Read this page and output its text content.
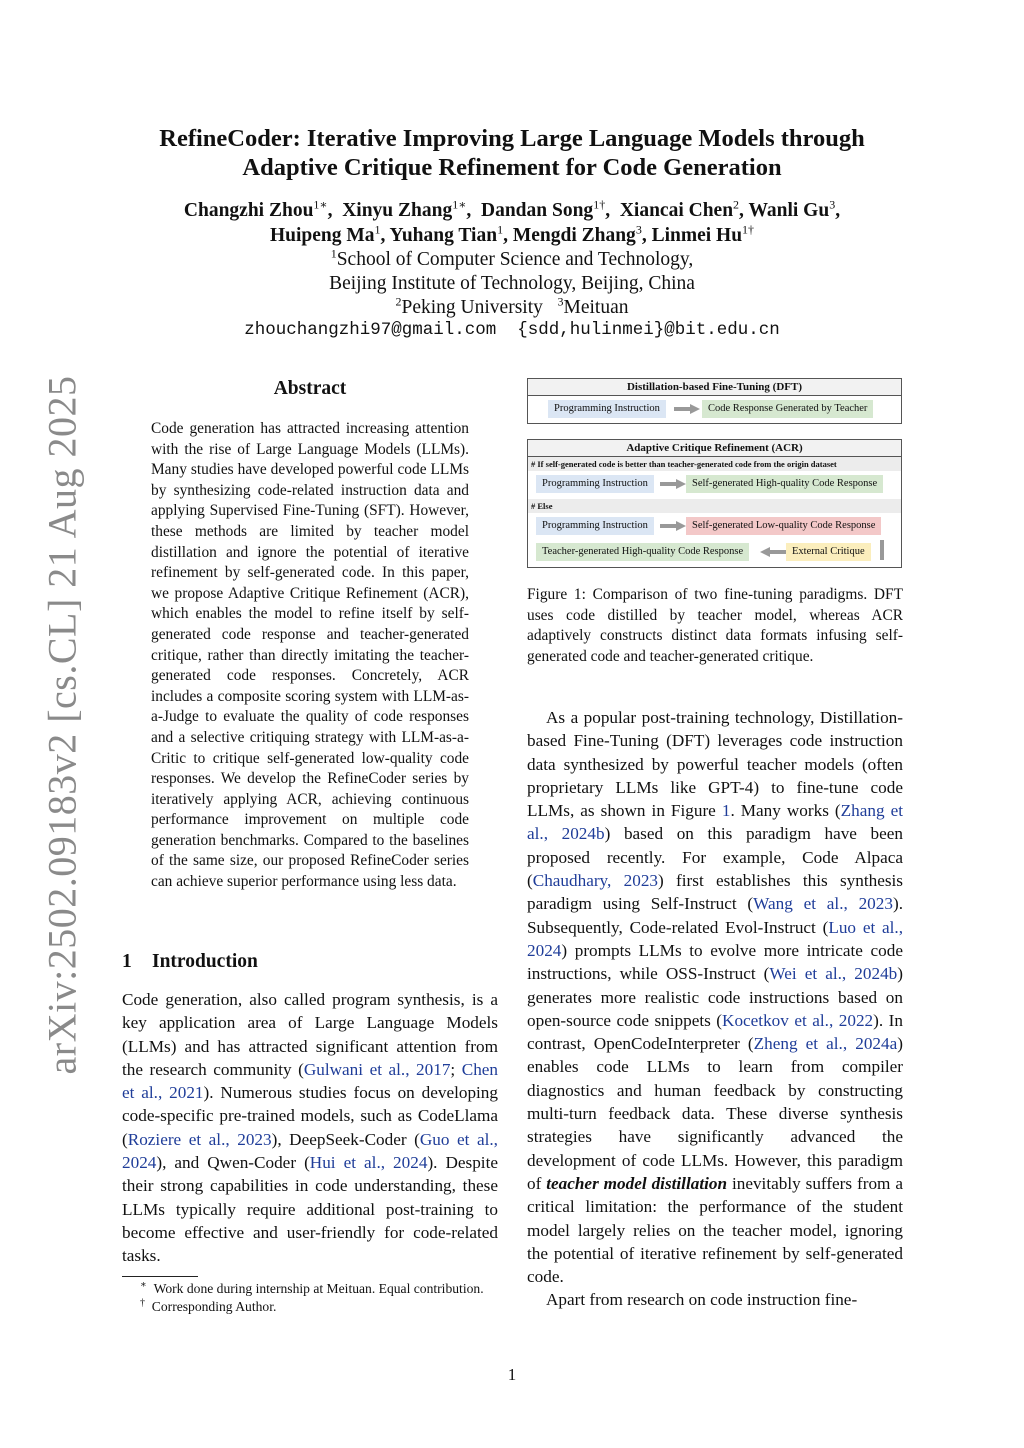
arXiv:2502.09183v2 [cs.CL] 21 Aug 2025
RefineCoder: Iterative Improving Large Language Models through
Adaptive Critique Refinement for Code Generation
Changzhi Zhou$^{1∗}$,  Xinyu Zhang$^{1∗}$,  Dandan Song$^{1\dagger}$,  Xiancai Chen$^2$, Wanli Gu$^3$,
Huipeng Ma$^1$, Yuhang Tian$^1$, Mengdi Zhang$^3$, Linmei $Hu^{1\dagger}$
$^1$School of Computer Science and Technology,
Beijing Institute of Technology, Beijing, China
$^2$Peking University $^3$Meituan
zhouchangzhi97@gmail.com  {sdd,hulinmei}@bit.edu.cn
Abstract
Code generation has attracted increasing attention with the rise of Large Language Models (LLMs). Many studies have developed powerful code LLMs by synthesizing code-related instruction data and applying Supervised Fine-Tuning (SFT). However, these methods are limited by teacher model distillation and ignore the potential of iterative refinement by self-generated code. In this paper, we propose Adaptive Critique Refinement (ACR), which enables the model to refine itself by self-generated code response and teacher-generated critique, rather than directly imitating the teacher-generated code responses. Concretely, ACR includes a composite scoring system with LLM-as-a-Judge to evaluate the quality of code responses and a selective critiquing strategy with LLM-as-a-Critic to critique self-generated low-quality code responses. We develop the RefineCoder series by iteratively applying ACR, achieving continuous performance improvement on multiple code generation benchmarks. Compared to the baselines of the same size, our proposed RefineCoder series can achieve superior performance using less data.
1 Introduction
Code generation, also called program synthesis, is a key application area of Large Language Models (LLMs) and has attracted significant attention from the research community (Gulwani et al., 2017; Chen et al., 2021). Numerous studies focus on developing code-specific pre-trained models, such as CodeLlama (Roziere et al., 2023), DeepSeek-Coder (Guo et al., 2024), and Qwen-Coder (Hui et al., 2024). Despite their strong capabilities in code understanding, these LLMs typically require additional post-training to become effective and user-friendly for code-related tasks.

∗ Work done during internship at Meituan. Equal contribution.

† Corresponding Author.

Distillation-based Fine-Tuning (DFT)
Programming Instruction	Code Response Generated by Teacher
Adaptive Critique Refinement (ACR)
# If self-generated code is better than teacher-generated code from the origin dataset
Programming Instruction	Self-generated High-quality Code Response
# Else
Programming Instruction	Self-generated Low-quality Code Response
Teacher-generated High-quality Code Response	External Critique
Figure 1: Comparison of two fine-tuning paradigms. DFT uses code distilled by teacher model, whereas ACR adaptively constructs distinct data formats infusing self-generated code and teacher-generated critique.

As a popular post-training technology, Distillation-based Fine-Tuning (DFT) leverages code instruction data synthesized by powerful teacher models (often proprietary LLMs like GPT-4) to fine-tune code LLMs, as shown in Figure 1. Many works (Zhang et al., 2024b) based on this paradigm have been proposed recently. For example, Code Alpaca (Chaudhary, 2023) first establishes this synthesis paradigm using Self-Instruct (Wang et al., 2023). Subsequently, Code-related Evol-Instruct (Luo et al., 2024) prompts LLMs to evolve more intricate code instructions, while OSS-Instruct (Wei et al., 2024b) generates more realistic code instructions based on open-source code snippets (Kocetkov et al., 2022). In contrast, OpenCodeInterpreter (Zheng et al., 2024a) enables code LLMs to learn from compiler diagnostics and human feedback by constructing multi-turn feedback data. These diverse synthesis strategies have significantly advanced the development of code LLMs. However, this paradigm of teacher model distillation inevitably suffers from a critical limitation: the performance of the student model largely relies on the teacher model, ignoring the potential of iterative refinement by self-generated code.

Apart from research on code instruction fine-

1
